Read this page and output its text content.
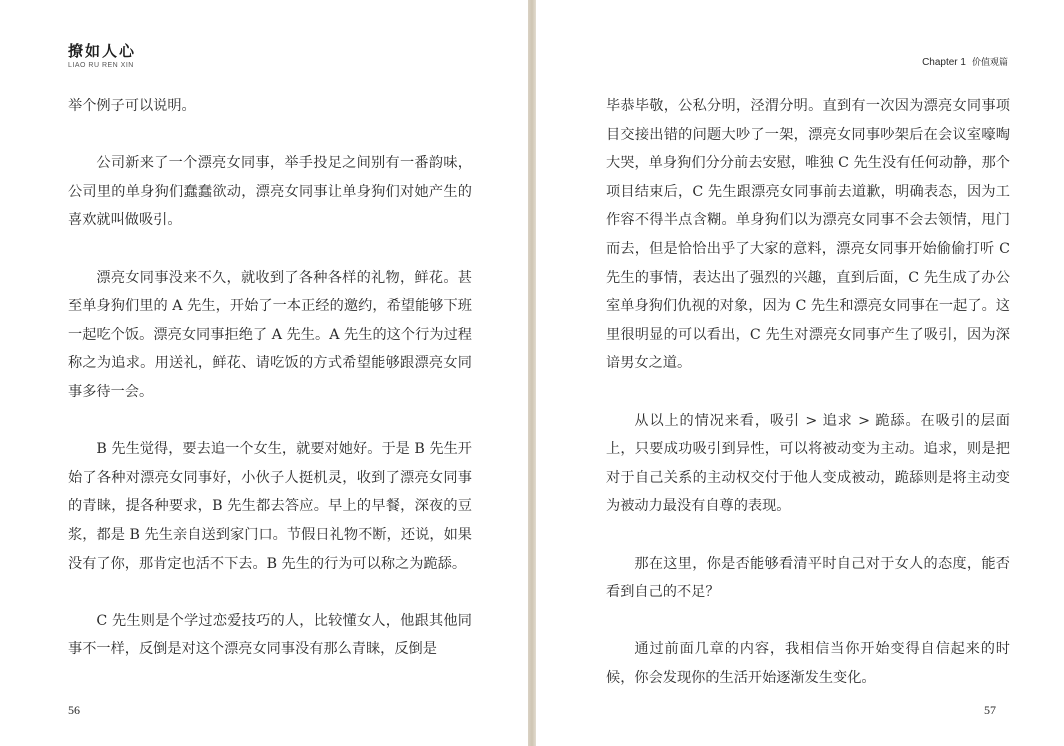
撩如人心
LIAO RU REN XIN

举个例子可以说明。

公司新来了一个漂亮女同事，举手投足之间别有一番韵味，公司里的单身狗们蠢蠢欲动，漂亮女同事让单身狗们对她产生的喜欢就叫做吸引。

漂亮女同事没来不久，就收到了各种各样的礼物，鲜花。甚至单身狗们里的 A 先生，开始了一本正经的邀约，希望能够下班一起吃个饭。漂亮女同事拒绝了 A 先生。A 先生的这个行为过程称之为追求。用送礼，鲜花、请吃饭的方式希望能够跟漂亮女同事多待一会。

B 先生觉得，要去追一个女生，就要对她好。于是 B 先生开始了各种对漂亮女同事好，小伙子人挺机灵，收到了漂亮女同事的青睐，提各种要求，B 先生都去答应。早上的早餐，深夜的豆浆，都是 B 先生亲自送到家门口。节假日礼物不断，还说，如果没有了你，那肯定也活不下去。B 先生的行为可以称之为跪舔。

C 先生则是个学过恋爱技巧的人，比较懂女人，他跟其他同事不一样，反倒是对这个漂亮女同事没有那么青睐，反倒是

56
Chapter 1 价值观篇

毕恭毕敬，公私分明，泾渭分明。直到有一次因为漂亮女同事项目交接出错的问题大吵了一架，漂亮女同事吵架后在会议室嚎啕大哭，单身狗们分分前去安慰，唯独 C 先生没有任何动静，那个项目结束后，C 先生跟漂亮女同事前去道歉，明确表态，因为工作容不得半点含糊。单身狗们以为漂亮女同事不会去领情，甩门而去，但是恰恰出乎了大家的意料，漂亮女同事开始偷偷打听 C 先生的事情，表达出了强烈的兴趣，直到后面，C 先生成了办公室单身狗们仇视的对象，因为 C 先生和漂亮女同事在一起了。这里很明显的可以看出，C 先生对漂亮女同事产生了吸引，因为深谙男女之道。

从以上的情况来看，吸引 > 追求 > 跪舔。在吸引的层面上，只要成功吸引到异性，可以将被动变为主动。追求，则是把对于自己关系的主动权交付于他人变成被动，跪舔则是将主动变为被动力最没有自尊的表现。

那在这里，你是否能够看清平时自己对于女人的态度，能否看到自己的不足？

通过前面几章的内容，我相信当你开始变得自信起来的时候，你会发现你的生活开始逐渐发生变化。

57
